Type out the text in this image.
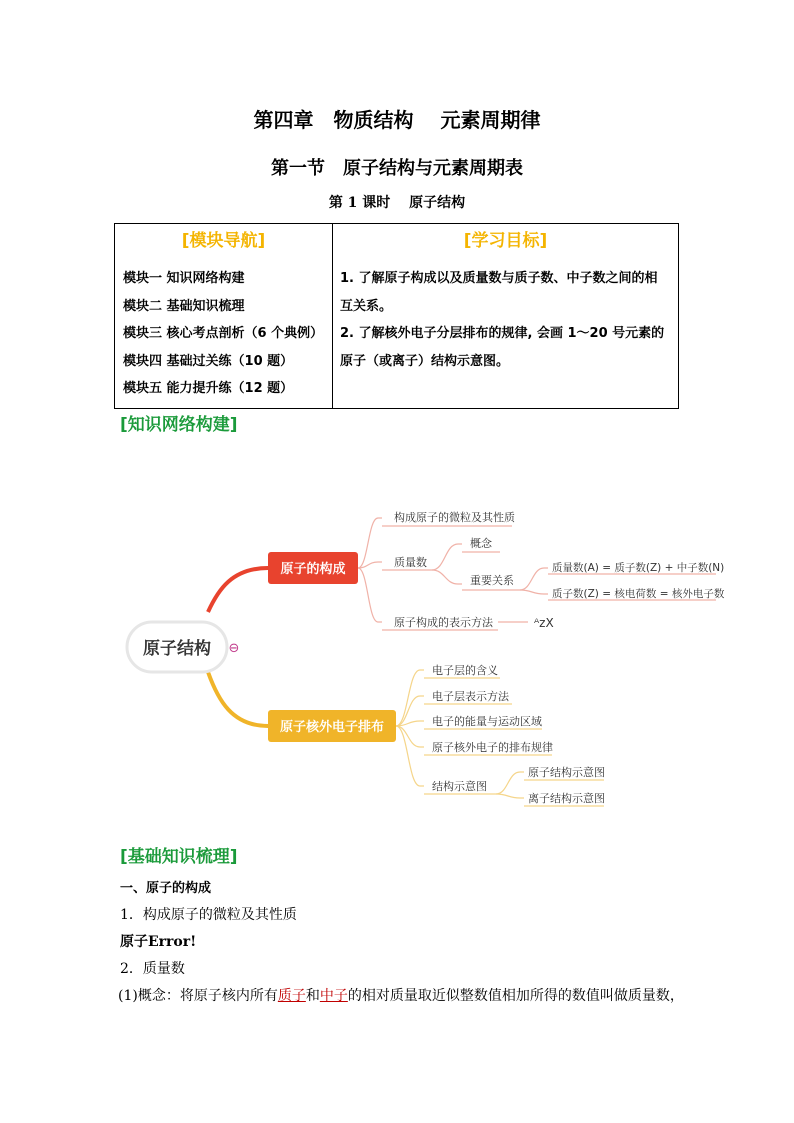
第四章　物质结构　 元素周期律
第一节　原子结构与元素周期表
第 1 课时　 原子结构
[模块导航]
模块一 知识网络构建
模块二 基础知识梳理
模块三 核心考点剖析（6 个典例）
模块四 基础过关练（10 题）
模块五 能力提升练（12 题）

[学习目标]
1. 了解原子构成以及质量数与质子数、中子数之间的相
互关系。
2. 了解核外电子分层排布的规律, 会画 1～20 号元素的
原子（或离子）结构示意图。
[知识网络构建]
原子结构 ⊖
原子的构成
构成原子的微粒及其性质
质量数
原子构成的表示方法
概念
重要关系
质量数(A) = 质子数(Z) + 中子数(N)
质子数(Z) = 核电荷数 = 核外电子数
ᴬzX
原子核外电子排布
电子层的含义
电子层表示方法
电子的能量与运动区域
原子核外电子的排布规律
结构示意图
原子结构示意图
离子结构示意图
[基础知识梳理]
一、原子的构成
1．构成原子的微粒及其性质
原子Error!
2．质量数
(1)概念：将原子核内所有质子和中子的相对质量取近似整数值相加所得的数值叫做质量数，
